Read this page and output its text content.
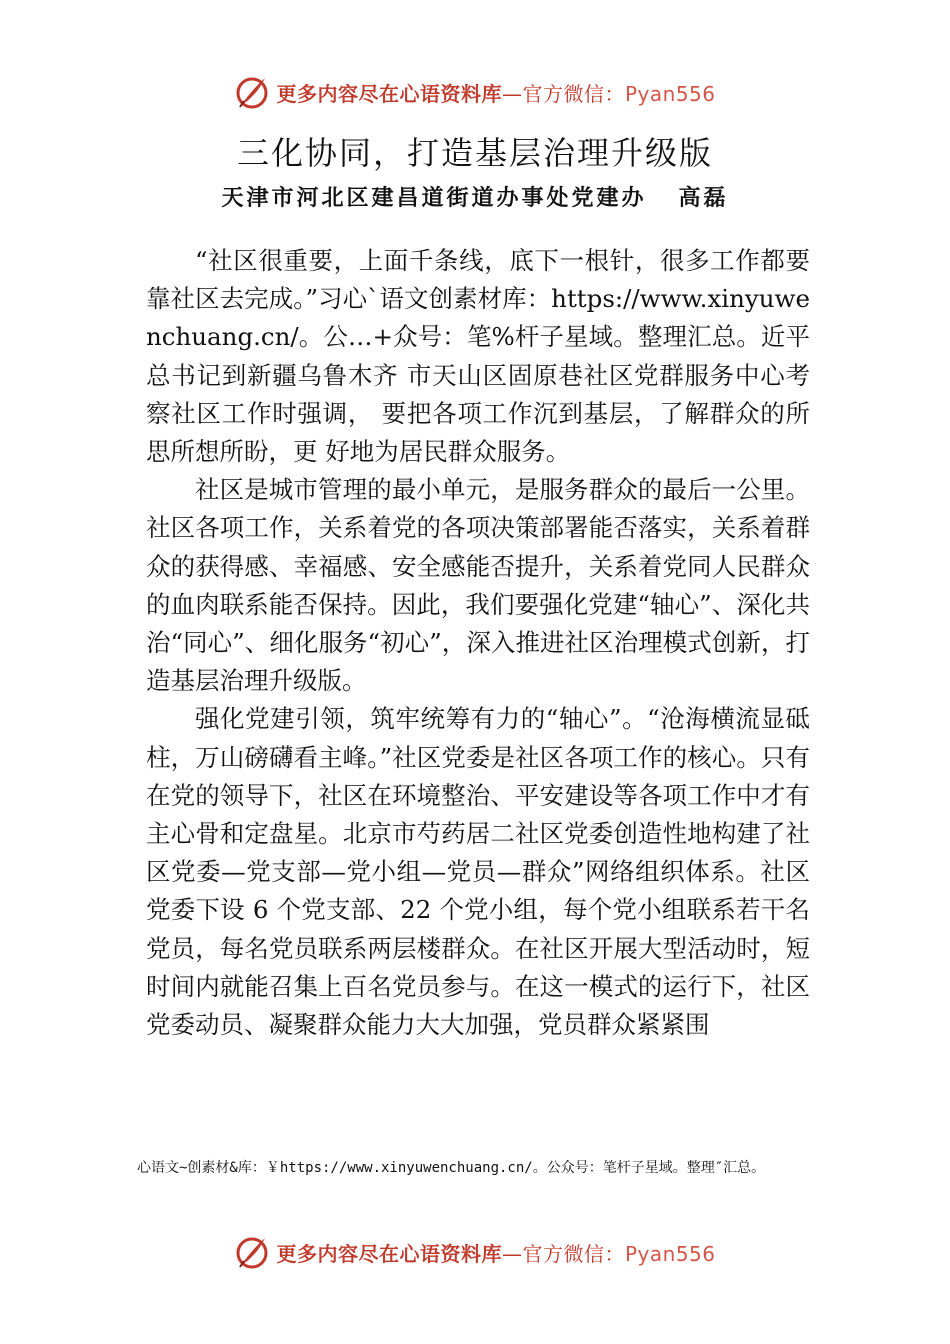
更多内容尽在心语资料库—官方微信：Pyan556
三化协同，打造基层治理升级版
天津市河北区建昌道街道办事处党建办   高磊

“社区很重要，上面千条线，底下一根针，很多工作都要靠社区去完成。”习心`语文创素材库：https://www.xinyuwenchuang.cn/。公…+众号：笔%杆子星域。整理汇总。近平总书记到新疆乌鲁木齐 市天山区固原巷社区党群服务中心考察社区工作时强调， 要把各项工作沉到基层，了解群众的所思所想所盼，更 好地为居民群众服务。

社区是城市管理的最小单元，是服务群众的最后一公里。社区各项工作，关系着党的各项决策部署能否落实，关系着群众的获得感、幸福感、安全感能否提升，关系着党同人民群众的血肉联系能否保持。因此，我们要强化党建“轴心”、深化共治“同心”、细化服务“初心”，深入推进社区治理模式创新，打造基层治理升级版。

强化党建引领，筑牢统筹有力的“轴心”。“沧海横流显砥柱，万山磅礴看主峰。”社区党委是社区各项工作的核心。只有在党的领导下，社区在环境整治、平安建设等各项工作中才有主心骨和定盘星。北京市芍药居二社区党委创造性地构建了社区党委—党支部—党小组—党员—群众”网络组织体系。社区党委下设 6 个党支部、22 个党小组，每个党小组联系若干名党员，每名党员联系两层楼群众。在社区开展大型活动时，短时间内就能召集上百名党员参与。在这一模式的运行下，社区党委动员、凝聚群众能力大大加强，党员群众紧紧围

心语文~创素材&库：￥https://www.xinyuwenchuang.cn/。公众号：笔杆子星域。整理″汇总。
更多内容尽在心语资料库—官方微信：Pyan556
